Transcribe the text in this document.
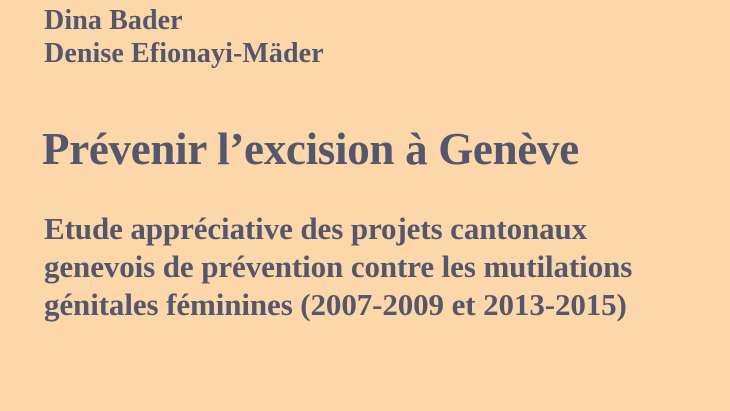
Dina Bader
Denise Efionayi-Mäder
Prévenir l’excision à Genève
Etude appréciative des projets cantonaux
genevois de prévention contre les mutilations
génitales féminines (2007-2009 et 2013-2015)
